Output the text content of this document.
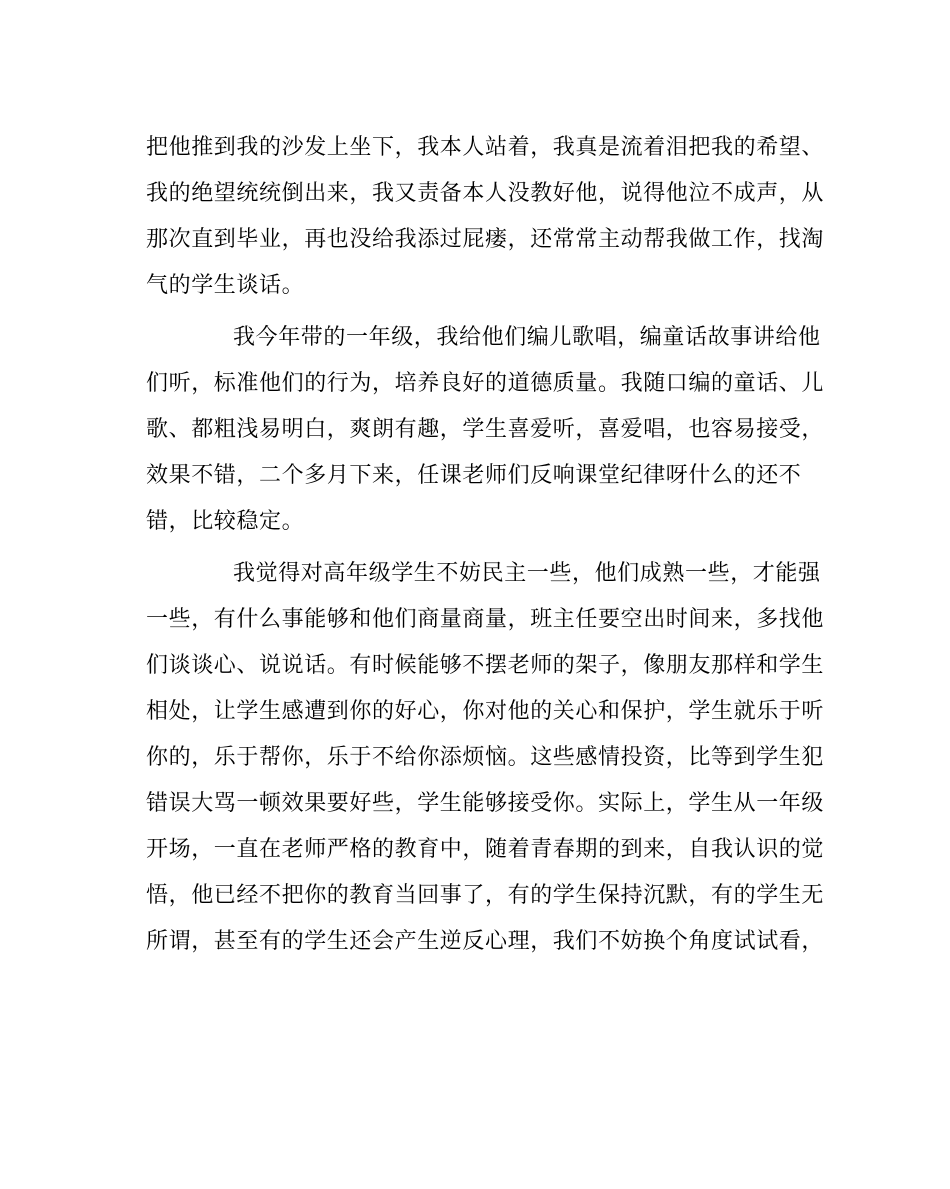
把他推到我的沙发上坐下，我本人站着，我真是流着泪把我的希望、

我的绝望统统倒出来，我又责备本人没教好他，说得他泣不成声，从

那次直到毕业，再也没给我添过屁瘘，还常常主动帮我做工作，找淘

气的学生谈话。

我今年带的一年级，我给他们编儿歌唱，编童话故事讲给他

们听，标准他们的行为，培养良好的道德质量。我随口编的童话、儿

歌、都粗浅易明白，爽朗有趣，学生喜爱听，喜爱唱，也容易接受，

效果不错，二个多月下来，任课老师们反响课堂纪律呀什么的还不

错，比较稳定。

我觉得对高年级学生不妨民主一些，他们成熟一些，才能强

一些，有什么事能够和他们商量商量，班主任要空出时间来，多找他

们谈谈心、说说话。有时候能够不摆老师的架子，像朋友那样和学生

相处，让学生感遭到你的好心，你对他的关心和保护，学生就乐于听

你的，乐于帮你，乐于不给你添烦恼。这些感情投资，比等到学生犯

错误大骂一顿效果要好些，学生能够接受你。实际上，学生从一年级

开场，一直在老师严格的教育中，随着青春期的到来，自我认识的觉

悟，他已经不把你的教育当回事了，有的学生保持沉默，有的学生无

所谓，甚至有的学生还会产生逆反心理，我们不妨换个角度试试看，
